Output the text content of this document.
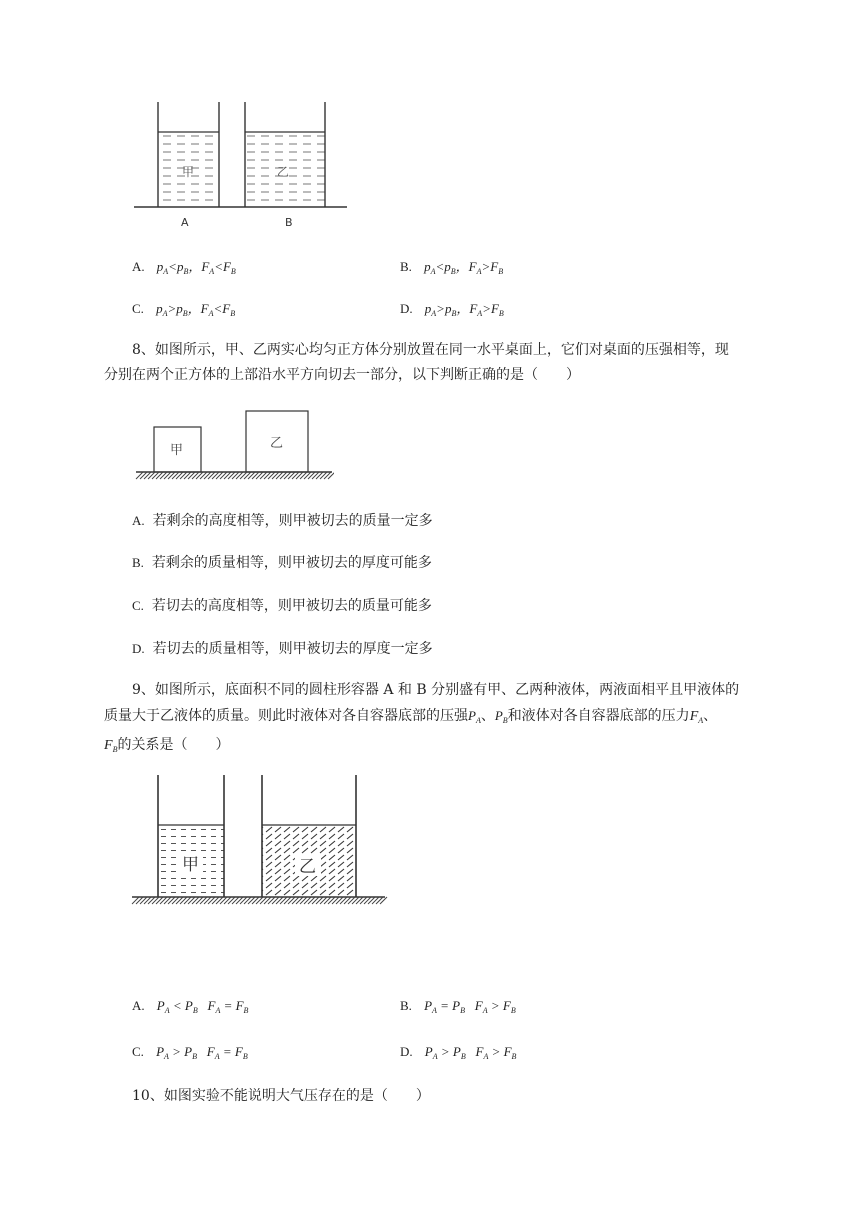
甲	乙
A	B
A. $p_A<p_B$，$F_A<F_B$	B. $p_A<p_B$，$F_A>F_B$
C. $p_A>p_B$，$F_A<F_B$	D. $p_A>p_B$，$F_A>F_B$

8、如图所示，甲、乙两实心均匀正方体分别放置在同一水平桌面上，它们对桌面的压强相等，现

分别在两个正方体的上部沿水平方向切去一部分，以下判断正确的是（　　）

甲	乙
A. 若剩余的高度相等，则甲被切去的质量一定多
B. 若剩余的质量相等，则甲被切去的厚度可能多
C. 若切去的高度相等，则甲被切去的质量可能多
D. 若切去的质量相等，则甲被切去的厚度一定多

9、如图所示，底面积不同的圆柱形容器 A 和 B 分别盛有甲、乙两种液体，两液面相平且甲液体的

质量大于乙液体的质量。则此时液体对各自容器底部的压强$P_A$、$P_B$和液体对各自容器底部的压力$F_A$、

$F_B$的关系是（　　）

甲	乙
A. $P_A < P_B$   $F_A = F_B$	B. $P_A = P_B$   $F_A > F_B$
C. $P_A > P_B$   $F_A = F_B$	D. $P_A > P_B$   $F_A > F_B$

10、如图实验不能说明大气压存在的是（　　）
